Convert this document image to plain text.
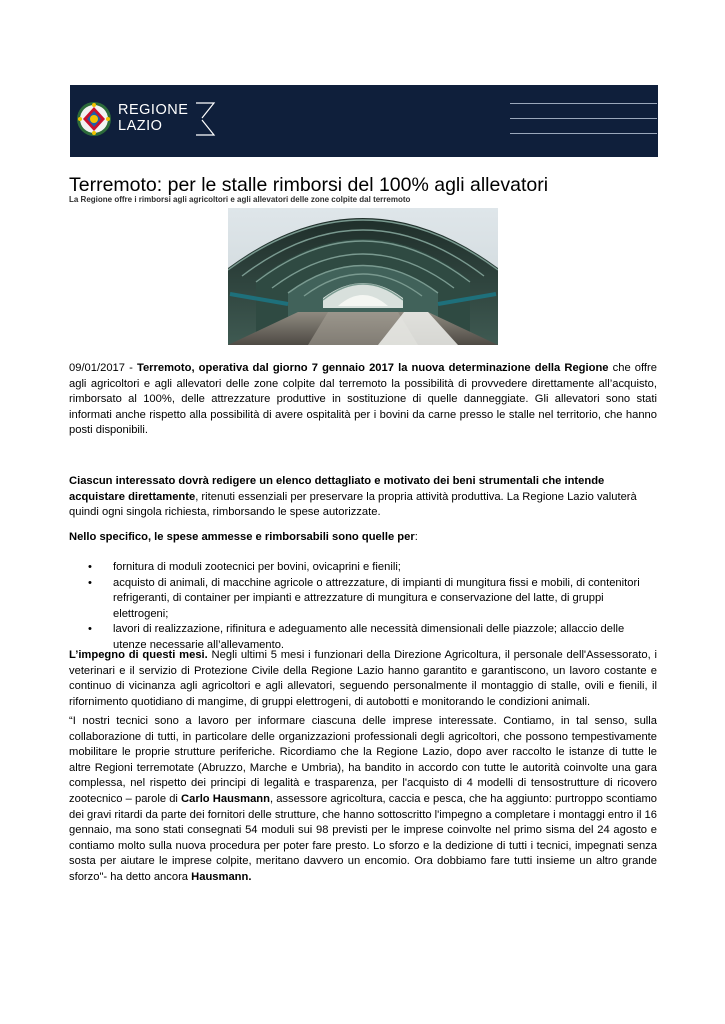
REGIONE
LAZIO
Terremoto: per le stalle rimborsi del 100% agli allevatori
La Regione offre i rimborsi agli agricoltori e agli allevatori delle zone colpite dal terremoto
09/01/2017 - Terremoto, operativa dal giorno 7 gennaio 2017 la nuova determinazione della Regione che offre agli agricoltori e agli allevatori delle zone colpite dal terremoto la possibilità di provvedere direttamente all’acquisto, rimborsato al 100%, delle attrezzature produttive in sostituzione di quelle danneggiate. Gli allevatori sono stati informati anche rispetto alla possibilità di avere ospitalità per i bovini da carne presso le stalle nel territorio, che hanno posti disponibili.
Ciascun interessato dovrà redigere un elenco dettagliato e motivato dei beni strumentali che intende acquistare direttamente, ritenuti essenziali per preservare la propria attività produttiva. La Regione Lazio valuterà quindi ogni singola richiesta, rimborsando le spese autorizzate.
Nello specifico, le spese ammesse e rimborsabili sono quelle per:
• fornitura di moduli zootecnici per bovini, ovicaprini e fienili;
• acquisto di animali, di macchine agricole o attrezzature, di impianti di mungitura fissi e mobili, di contenitori refrigeranti, di container per impianti e attrezzature di mungitura e conservazione del latte, di gruppi elettrogeni;
• lavori di realizzazione, rifinitura e adeguamento alle necessità dimensionali delle piazzole; allaccio delle utenze necessarie all’allevamento.
L’impegno di questi mesi. Negli ultimi 5 mesi i funzionari della Direzione Agricoltura, il personale dell'Assessorato, i veterinari e il servizio di Protezione Civile della Regione Lazio hanno garantito e garantiscono, un lavoro costante e continuo di vicinanza agli agricoltori e agli allevatori, seguendo personalmente il montaggio di stalle, ovili e fienili, il rifornimento quotidiano di mangime, di gruppi elettrogeni, di autobotti e monitorando le condizioni animali.
“I nostri tecnici sono a lavoro per informare ciascuna delle imprese interessate. Contiamo, in tal senso, sulla collaborazione di tutti, in particolare delle organizzazioni professionali degli agricoltori, che possono tempestivamente mobilitare le proprie strutture periferiche. Ricordiamo che la Regione Lazio, dopo aver raccolto le istanze di tutte le altre Regioni terremotate (Abruzzo, Marche e Umbria), ha bandito in accordo con tutte le autorità coinvolte una gara complessa, nel rispetto dei principi di legalità e trasparenza, per l'acquisto di 4 modelli di tensostrutture di ricovero zootecnico – parole di Carlo Hausmann, assessore agricoltura, caccia e pesca, che ha aggiunto: purtroppo scontiamo dei gravi ritardi da parte dei fornitori delle strutture, che hanno sottoscritto l'impegno a completare i montaggi entro il 16 gennaio, ma sono stati consegnati 54 moduli sui 98 previsti per le imprese coinvolte nel primo sisma del 24 agosto e contiamo molto sulla nuova procedura per poter fare presto. Lo sforzo e la dedizione di tutti i tecnici, impegnati senza sosta per aiutare le imprese colpite, meritano davvero un encomio. Ora dobbiamo fare tutti insieme un altro grande sforzo"- ha detto ancora Hausmann.
